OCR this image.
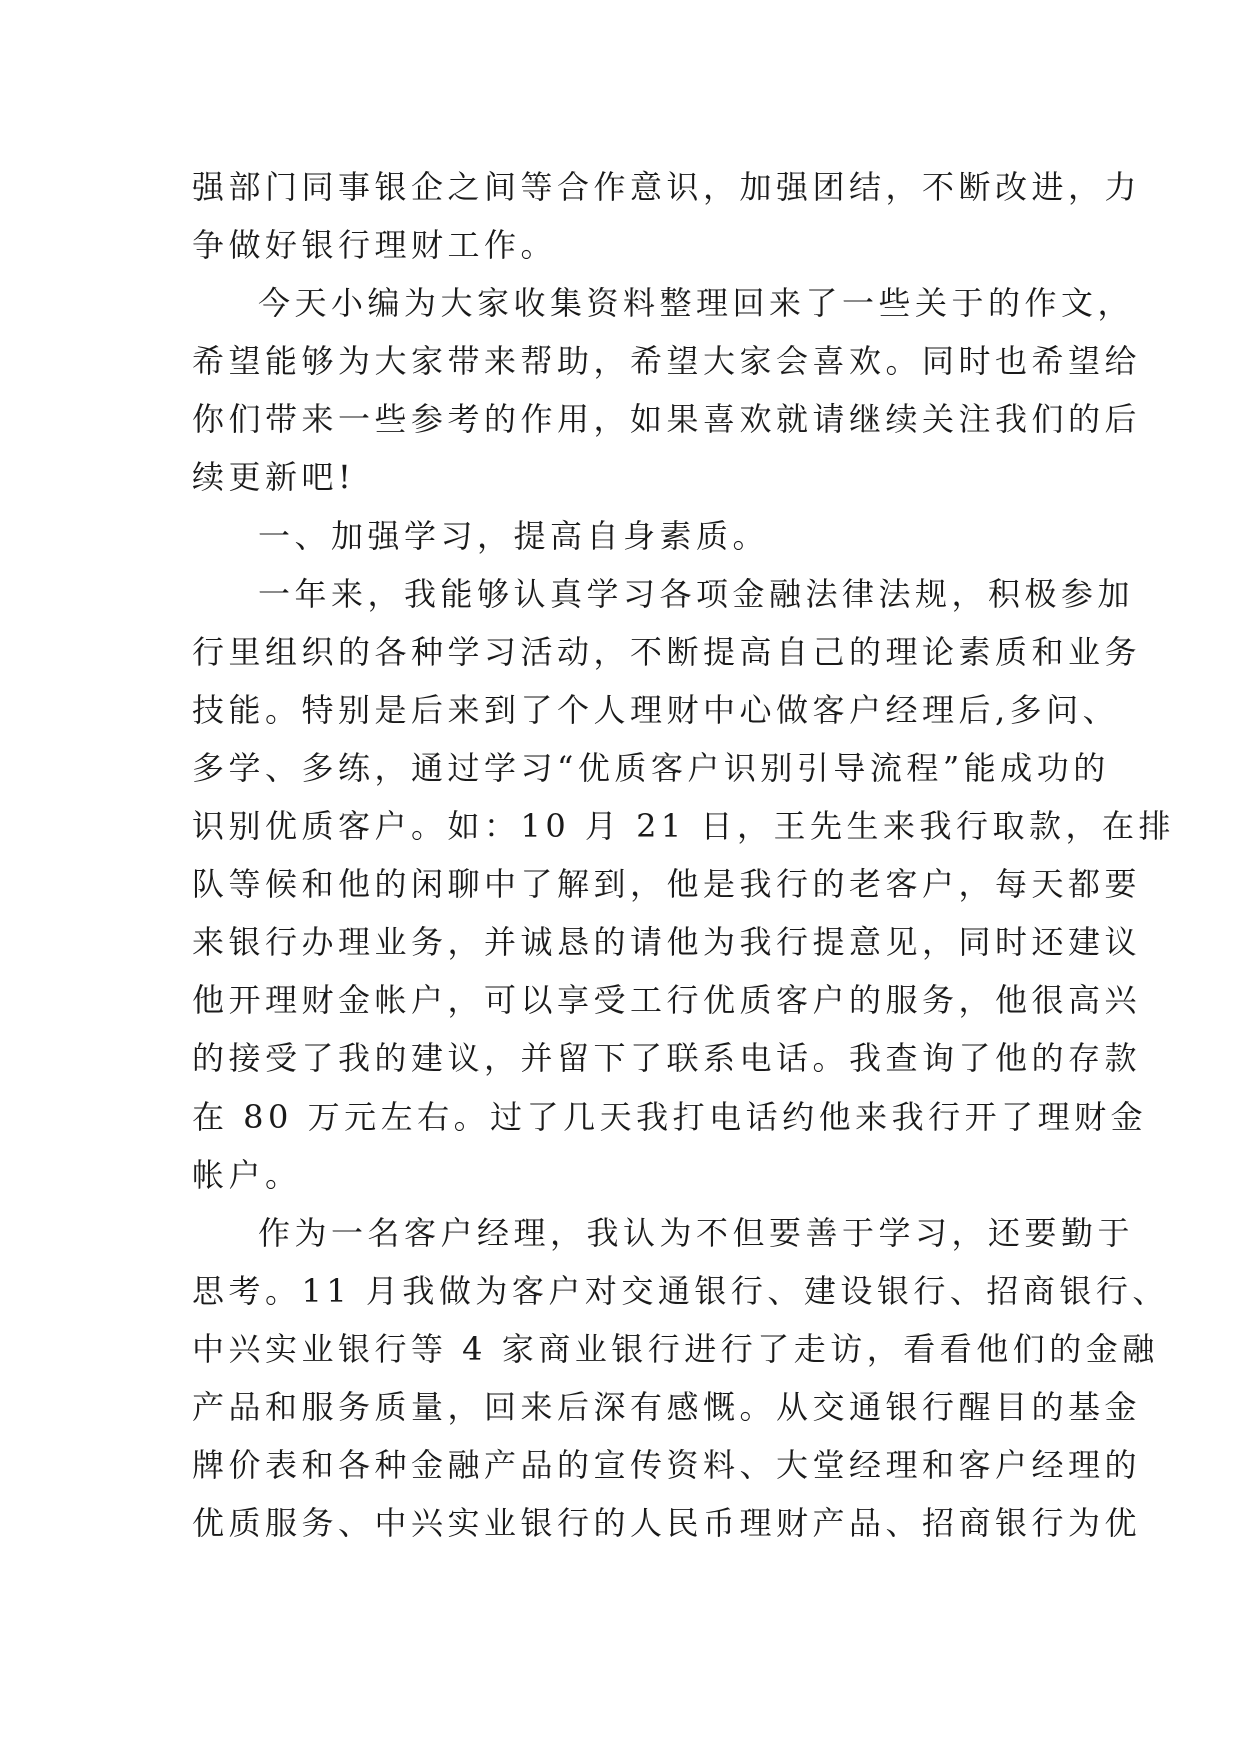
强部门同事银企之间等合作意识，加强团结，不断改进，力
争做好银行理财工作。
今天小编为大家收集资料整理回来了一些关于的作文，
希望能够为大家带来帮助，希望大家会喜欢。同时也希望给
你们带来一些参考的作用，如果喜欢就请继续关注我们的后
续更新吧!
一、加强学习，提高自身素质。
一年来，我能够认真学习各项金融法律法规，积极参加
行里组织的各种学习活动，不断提高自己的理论素质和业务
技能。特别是后来到了个人理财中心做客户经理后,多问、
多学、多练，通过学习“优质客户识别引导流程”能成功的
识别优质客户。如：10 月 21 日，王先生来我行取款，在排
队等候和他的闲聊中了解到，他是我行的老客户，每天都要
来银行办理业务，并诚恳的请他为我行提意见，同时还建议
他开理财金帐户，可以享受工行优质客户的服务，他很高兴
的接受了我的建议，并留下了联系电话。我查询了他的存款
在 80 万元左右。过了几天我打电话约他来我行开了理财金
帐户。
作为一名客户经理，我认为不但要善于学习，还要勤于
思考。11 月我做为客户对交通银行、建设银行、招商银行、
中兴实业银行等 4 家商业银行进行了走访，看看他们的金融
产品和服务质量，回来后深有感慨。从交通银行醒目的基金
牌价表和各种金融产品的宣传资料、大堂经理和客户经理的
优质服务、中兴实业银行的人民币理财产品、招商银行为优
